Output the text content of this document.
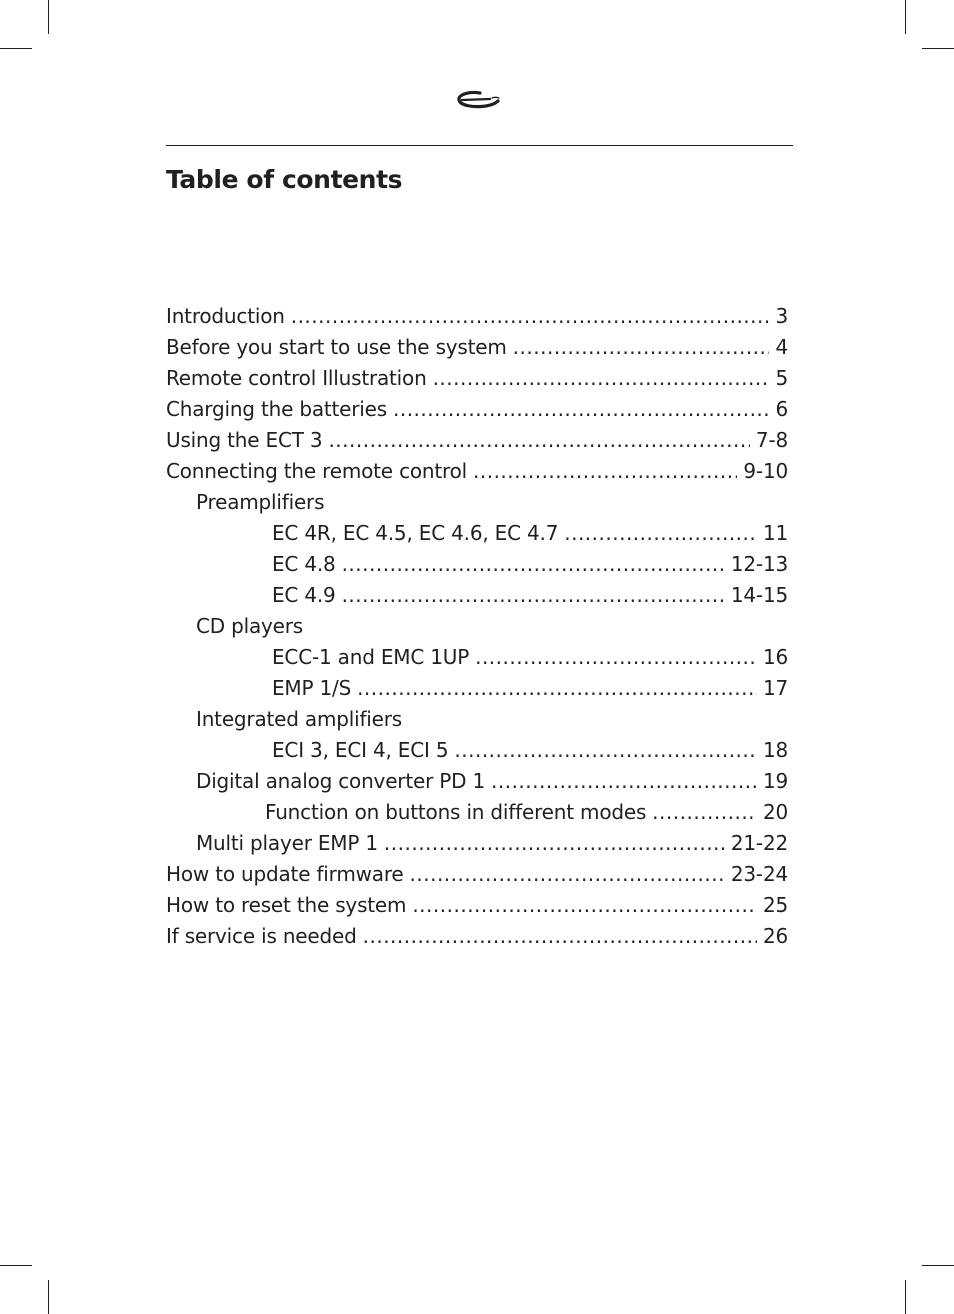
Table of contents
Introduction .....	3
Before you start to use the system .....	4
Remote control Illustration .....	5
Charging the batteries .....	6
Using the ECT 3 .....	7-8
Connecting the remote control .....	9-10
Preamplifiers
EC 4R, EC 4.5, EC 4.6, EC 4.7 .....	11
EC 4.8 .....	12-13
EC 4.9 .....	14-15
CD players
ECC-1 and EMC 1UP .....	16
EMP 1/S .....	17
Integrated amplifiers
ECI 3, ECI 4, ECI 5 .....	18
Digital analog converter PD 1 .....	19
Function on buttons in different modes .....	20
Multi player EMP 1 .....	21-22
How to update firmware .....	23-24
How to reset the system .....	25
If service is needed .....	26
